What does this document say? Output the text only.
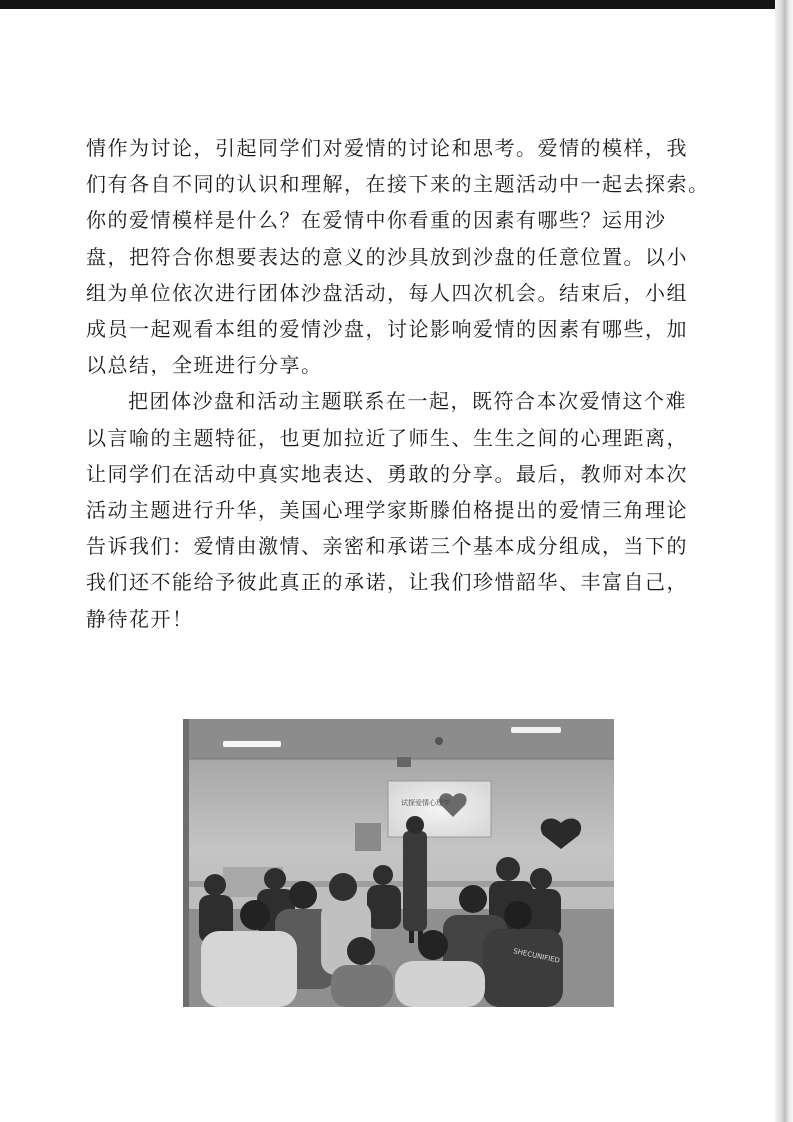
情作为讨论，引起同学们对爱情的讨论和思考。爱情的模样，我
们有各自不同的认识和理解，在接下来的主题活动中一起去探索。
你的爱情模样是什么？在爱情中你看重的因素有哪些？运用沙
盘，把符合你想要表达的意义的沙具放到沙盘的任意位置。以小
组为单位依次进行团体沙盘活动，每人四次机会。结束后，小组
成员一起观看本组的爱情沙盘，讨论影响爱情的因素有哪些，加
以总结，全班进行分享。

把团体沙盘和活动主题联系在一起，既符合本次爱情这个难
以言喻的主题特征，也更加拉近了师生、生生之间的心理距离，
让同学们在活动中真实地表达、勇敢的分享。最后，教师对本次
活动主题进行升华，美国心理学家斯滕伯格提出的爱情三角理论
告诉我们：爱情由激情、亲密和承诺三个基本成分组成，当下的
我们还不能给予彼此真正的承诺，让我们珍惜韶华、丰富自己，
静待花开！

试探爱情心理学
SHECUNIFIED
